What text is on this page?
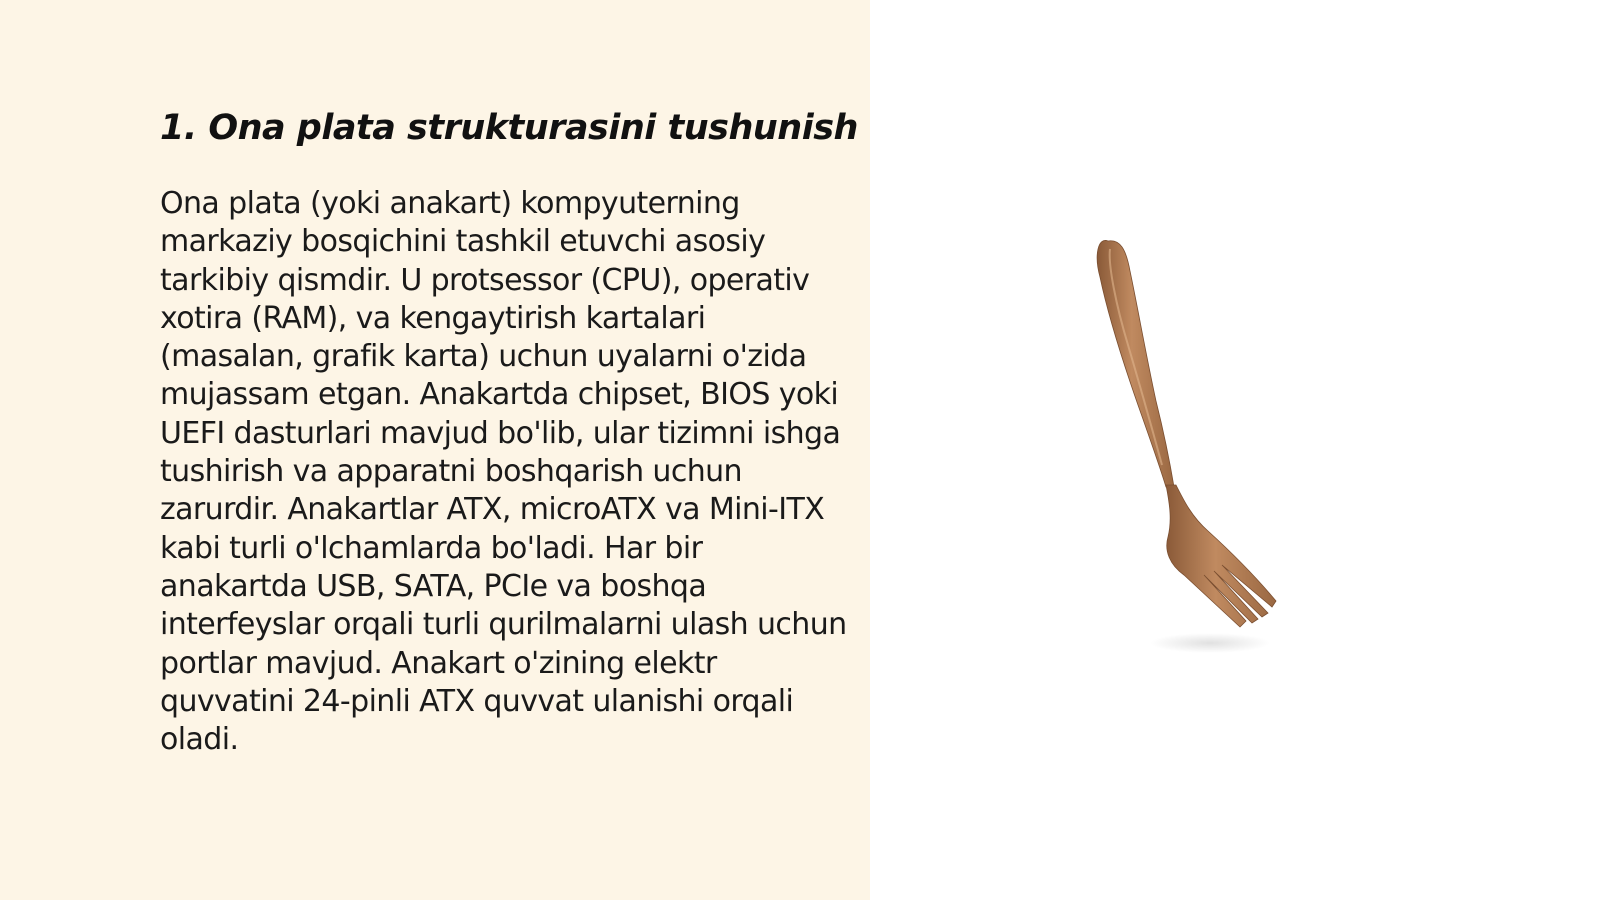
1. Ona plata strukturasini tushunish

Ona plata (yoki anakart) kompyuterning markaziy bosqichini tashkil etuvchi asosiy tarkibiy qismdir. U protsessor (CPU), operativ xotira (RAM), va kengaytirish kartalari (masalan, grafik karta) uchun uyalarni o'zida mujassam etgan. Anakartda chipset, BIOS yoki UEFI dasturlari mavjud bo'lib, ular tizimni ishga tushirish va apparatni boshqarish uchun zarurdir. Anakartlar ATX, microATX va Mini-ITX kabi turli o'lchamlarda bo'ladi. Har bir anakartda USB, SATA, PCIe va boshqa interfeyslar orqali turli qurilmalarni ulash uchun portlar mavjud. Anakart o'zining elektr quvvatini 24-pinli ATX quvvat ulanishi orqali oladi.
